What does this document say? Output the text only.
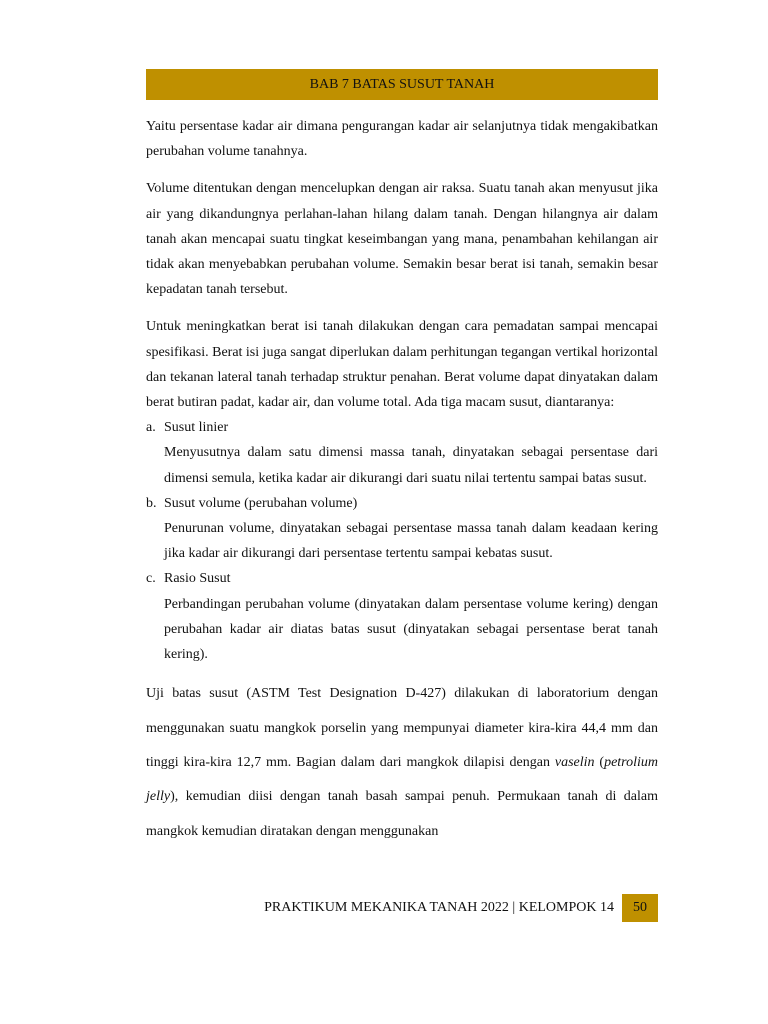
BAB 7 BATAS SUSUT TANAH

Yaitu persentase kadar air dimana pengurangan kadar air selanjutnya tidak mengakibatkan perubahan volume tanahnya.

Volume ditentukan dengan mencelupkan dengan air raksa. Suatu tanah akan menyusut jika air yang dikandungnya perlahan-lahan hilang dalam tanah. Dengan hilangnya air dalam tanah akan mencapai suatu tingkat keseimbangan yang mana, penambahan kehilangan air tidak akan menyebabkan perubahan volume. Semakin besar berat isi tanah, semakin besar kepadatan tanah tersebut.

Untuk meningkatkan berat isi tanah dilakukan dengan cara pemadatan sampai mencapai spesifikasi. Berat isi juga sangat diperlukan dalam perhitungan tegangan vertikal horizontal dan tekanan lateral tanah terhadap struktur penahan. Berat volume dapat dinyatakan dalam berat butiran padat, kadar air, dan volume total. Ada tiga macam susut, diantaranya:

a. Susut linier
Menyusutnya dalam satu dimensi massa tanah, dinyatakan sebagai persentase dari dimensi semula, ketika kadar air dikurangi dari suatu nilai tertentu sampai batas susut.
b. Susut volume (perubahan volume)
Penurunan volume, dinyatakan sebagai persentase massa tanah dalam keadaan kering jika kadar air dikurangi dari persentase tertentu sampai kebatas susut.
c. Rasio Susut
Perbandingan perubahan volume (dinyatakan dalam persentase volume kering) dengan perubahan kadar air diatas batas susut (dinyatakan sebagai persentase berat tanah kering).

Uji batas susut (ASTM Test Designation D-427) dilakukan di laboratorium dengan menggunakan suatu mangkok porselin yang mempunyai diameter kira-kira 44,4 mm dan tinggi kira-kira 12,7 mm. Bagian dalam dari mangkok dilapisi dengan vaselin (petrolium jelly), kemudian diisi dengan tanah basah sampai penuh. Permukaan tanah di dalam mangkok kemudian diratakan dengan menggunakan

PRAKTIKUM MEKANIKA TANAH 2022 | KELOMPOK 14	50
